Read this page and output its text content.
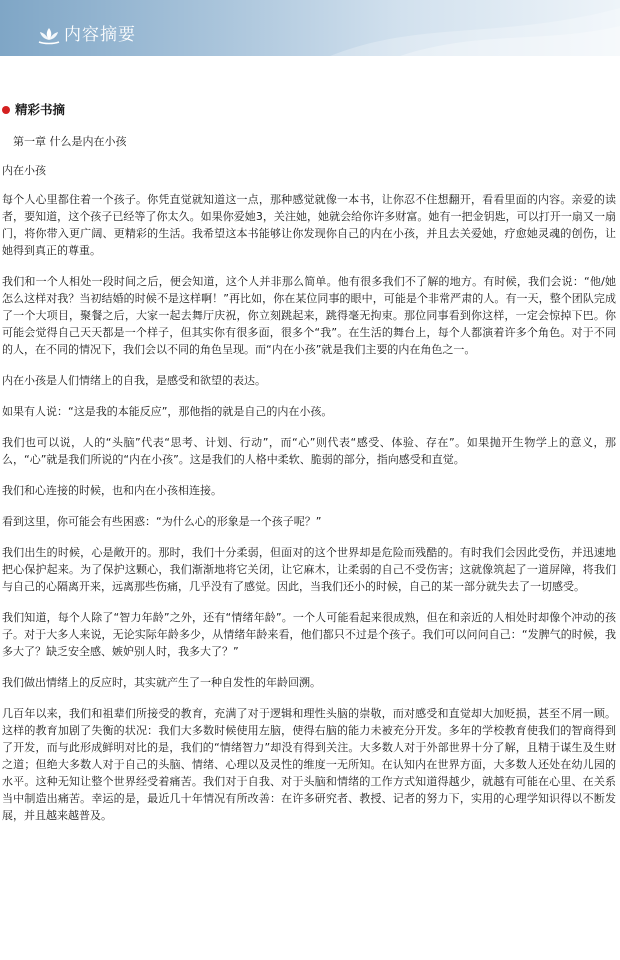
内容摘要
精彩书摘

第一章 什么是内在小孩

内在小孩

每个人心里都住着一个孩子。你凭直觉就知道这一点，那种感觉就像一本书，让你忍不住想翻开，看看里面的内容。亲爱的读者，要知道，这个孩子已经等了你太久。如果你爱她3，关注她，她就会给你许多财富。她有一把金钥匙，可以打开一扇又一扇门，将你带入更广阔、更精彩的生活。我希望这本书能够让你发现你自己的内在小孩，并且去关爱她，疗愈她灵魂的创伤，让她得到真正的尊重。

我们和一个人相处一段时间之后，便会知道，这个人并非那么简单。他有很多我们不了解的地方。有时候，我们会说：“他/她怎么这样对我？当初结婚的时候不是这样啊！”再比如，你在某位同事的眼中，可能是个非常严肃的人。有一天，整个团队完成了一个大项目，聚餐之后，大家一起去舞厅庆祝，你立刻跳起来，跳得毫无拘束。那位同事看到你这样，一定会惊掉下巴。你可能会觉得自己天天都是一个样子，但其实你有很多面，很多个“我”。在生活的舞台上，每个人都演着许多个角色。对于不同的人，在不同的情况下，我们会以不同的角色呈现。而“内在小孩”就是我们主要的内在角色之一。

内在小孩是人们情绪上的自我，是感受和欲望的表达。

如果有人说：“这是我的本能反应”，那他指的就是自己的内在小孩。

我们也可以说，人的“头脑”代表“思考、计划、行动”，而“心”则代表“感受、体验、存在”。如果抛开生物学上的意义，那么，“心”就是我们所说的“内在小孩”。这是我们的人格中柔软、脆弱的部分，指向感受和直觉。

我们和心连接的时候，也和内在小孩相连接。

看到这里，你可能会有些困惑：“为什么心的形象是一个孩子呢？”

我们出生的时候，心是敞开的。那时，我们十分柔弱，但面对的这个世界却是危险而残酷的。有时我们会因此受伤，并迅速地把心保护起来。为了保护这颗心，我们渐渐地将它关闭，让它麻木，让柔弱的自己不受伤害；这就像筑起了一道屏障，将我们与自己的心隔离开来，远离那些伤痛，几乎没有了感觉。因此，当我们还小的时候，自己的某一部分就失去了一切感受。

我们知道，每个人除了“智力年龄”之外，还有“情绪年龄”。一个人可能看起来很成熟，但在和亲近的人相处时却像个冲动的孩子。对于大多人来说，无论实际年龄多少，从情绪年龄来看，他们都只不过是个孩子。我们可以问问自己：“发脾气的时候，我多大了？缺乏安全感、嫉妒别人时，我多大了？”

我们做出情绪上的反应时，其实就产生了一种自发性的年龄回溯。

几百年以来，我们和祖辈们所接受的教育，充满了对于逻辑和理性头脑的崇敬，而对感受和直觉却大加贬损，甚至不屑一顾。这样的教育加剧了失衡的状况：我们大多数时候使用左脑，使得右脑的能力未被充分开发。多年的学校教育使我们的智商得到了开发，而与此形成鲜明对比的是，我们的“情绪智力”却没有得到关注。大多数人对于外部世界十分了解，且精于谋生及生财之道；但绝大多数人对于自己的头脑、情绪、心理以及灵性的维度一无所知。在认知内在世界方面，大多数人还处在幼儿园的水平。这种无知让整个世界经受着痛苦。我们对于自我、对于头脑和情绪的工作方式知道得越少，就越有可能在心里、在关系当中制造出痛苦。幸运的是，最近几十年情况有所改善：在许多研究者、教授、记者的努力下，实用的心理学知识得以不断发展，并且越来越普及。
